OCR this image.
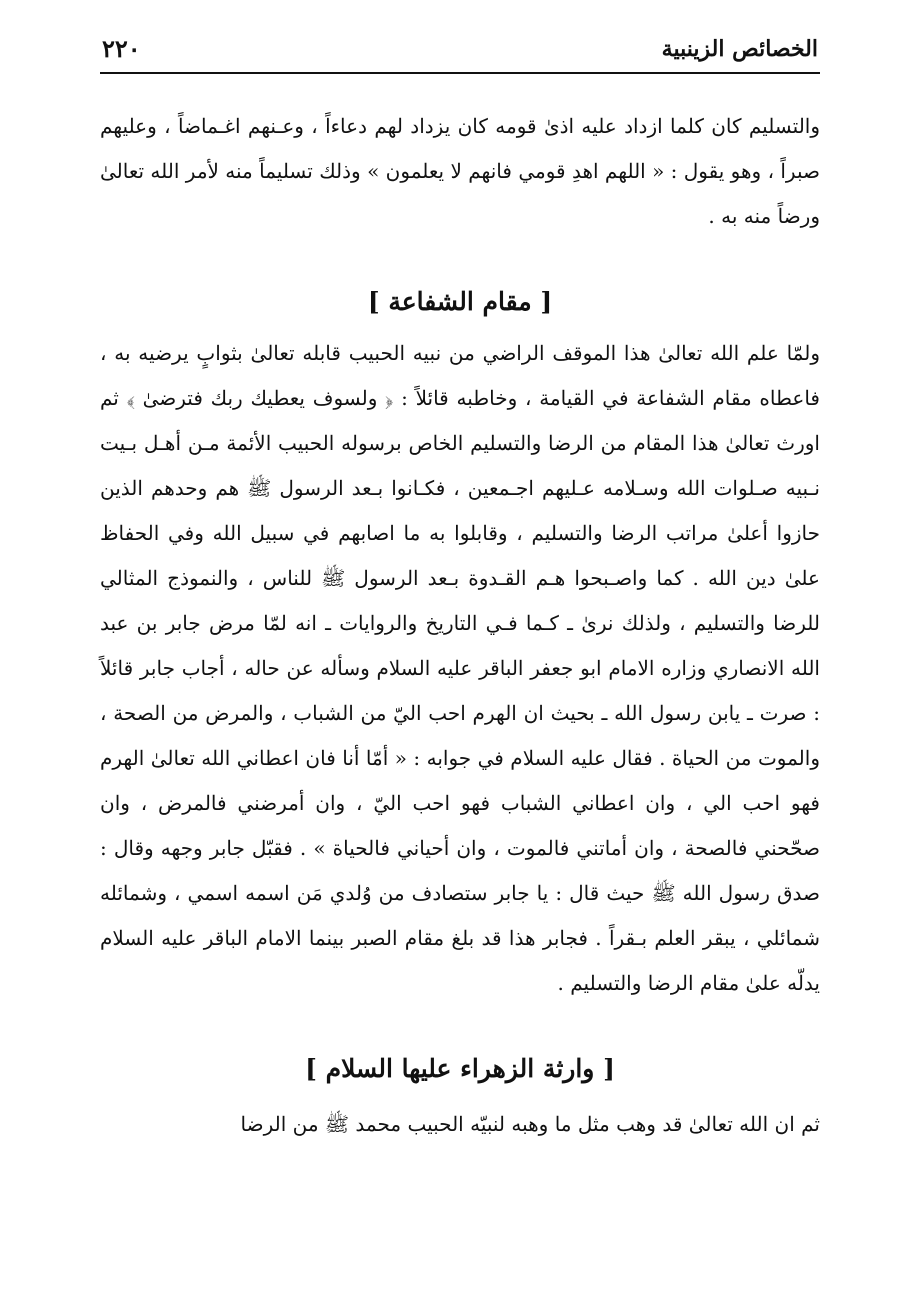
الخصائص الزينبية
٢٢٠

والتسليم كان كلما ازداد عليه اذىٰ قومه كان يزداد لهم دعاءاً ، وعـنهم اغـماضاً ، وعليهم صبراً ، وهو يقول : « اللهم اهدِ قومي فانهم لا يعلمون » وذلك تسليماً منه لأمر الله تعالىٰ ورضاً منه به .

[ مقام الشفاعة ]

ولمّا علم الله تعالىٰ هذا الموقف الراضي من نبيه الحبيب قابله تعالىٰ بثوابٍ يرضيه به ، فاعطاه مقام الشفاعة في القيامة ، وخاطبه قائلاً : ﴿ ولسوف يعطيك ربك فترضىٰ ﴾ ثم اورث تعالىٰ هذا المقام من الرضا والتسليم الخاص برسوله الحبيب الأئمة مـن أهـل بـيت نـبيه صـلوات الله وسـلامه عـليهم اجـمعين ، فكـانوا بـعد الرسول ﷺ هم وحدهم الذين حازوا أعلىٰ مراتب الرضا والتسليم ، وقابلوا به ما اصابهم في سبيل الله وفي الحفاظ علىٰ دين الله . كما واصـبحوا هـم القـدوة بـعد الرسول ﷺ للناس ، والنموذج المثالي للرضا والتسليم ، ولذلك نرىٰ ـ كـما فـي التاريخ والروايات ـ انه لمّا مرض جابر بن عبد الله الانصاري وزاره الامام ابو جعفر الباقر عليه السلام وسأله عن حاله ، أجاب جابر قائلاً : صرت ـ يابن رسول الله ـ بحيث ان الهرم احب اليّ من الشباب ، والمرض من الصحة ، والموت من الحياة . فقال عليه السلام في جوابه : « أمّا أنا فان اعطاني الله تعالىٰ الهرم فهو احب الي ، وان اعطاني الشباب فهو احب اليّ ، وان أمرضني فالمرض ، وان صحّحني فالصحة ، وان أماتني فالموت ، وان أحياني فالحياة » . فقبّل جابر وجهه وقال : صدق رسول الله ﷺ حيث قال : يا جابر ستصادف من وُلدي مَن اسمه اسمي ، وشمائله شمائلي ، يبقر العلم بـقراً . فجابر هذا قد بلغ مقام الصبر بينما الامام الباقر عليه السلام يدلّه علىٰ مقام الرضا والتسليم .

[ وارثة الزهراء عليها السلام ]

ثم ان الله تعالىٰ قد وهب مثل ما وهبه لنبيّه الحبيب محمد ﷺ من الرضا
